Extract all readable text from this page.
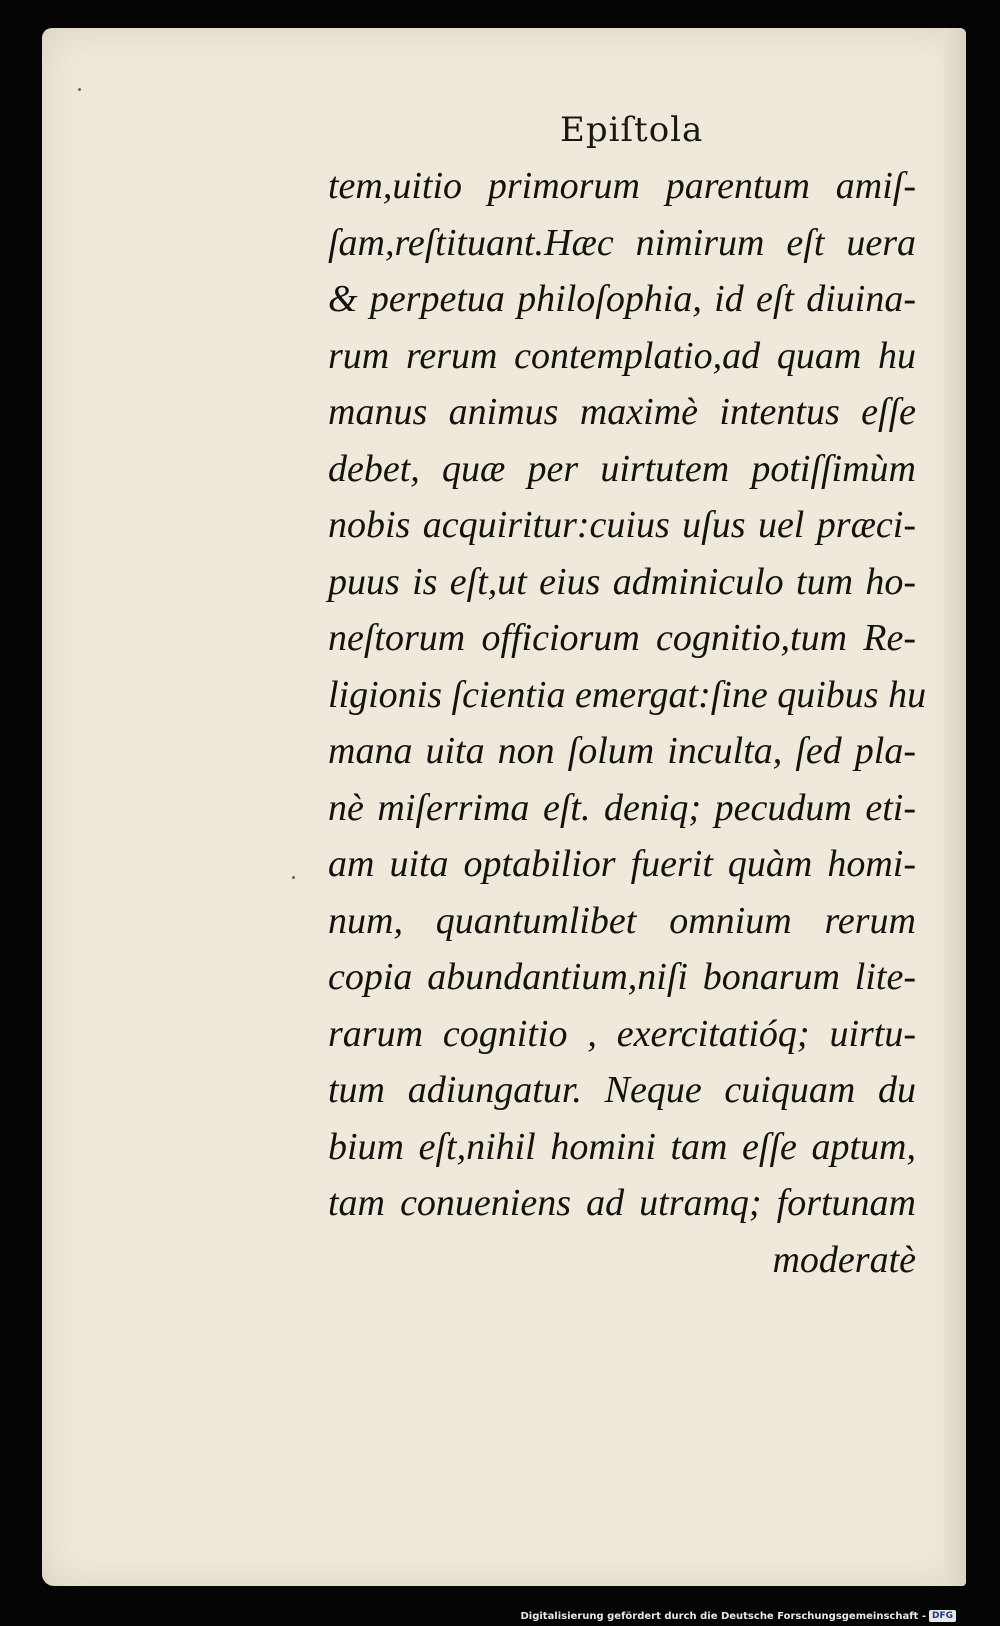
Epiſtola
tem,uitio primorum parentum amiſ-
ſam,reſtituant.Hæc nimirum eſt uera
& perpetua philoſophia, id eſt diuina-
rum rerum contemplatio,ad quam hu
manus animus maximè intentus eſſe
debet, quæ per uirtutem potiſſimùm
nobis acquiritur:cuius uſus uel præci-
puus is eſt,ut eius adminiculo tum ho-
neſtorum officiorum cognitio,tum Re-
ligionis ſcientia emergat:ſine quibus hu
mana uita non ſolum inculta, ſed pla-
nè miſerrima eſt. deniq; pecudum eti-
am uita optabilior fuerit quàm homi-
num, quantumlibet omnium rerum
copia abundantium,niſi bonarum lite-
rarum cognitio , exercitatióq; uirtu-
tum adiungatur. Neque cuiquam du
bium eſt,nihil homini tam eſſe aptum,
tam conueniens ad utramq; fortunam
moderatè
Digitalisierung gefördert durch die Deutsche Forschungsgemeinschaft - DFG
